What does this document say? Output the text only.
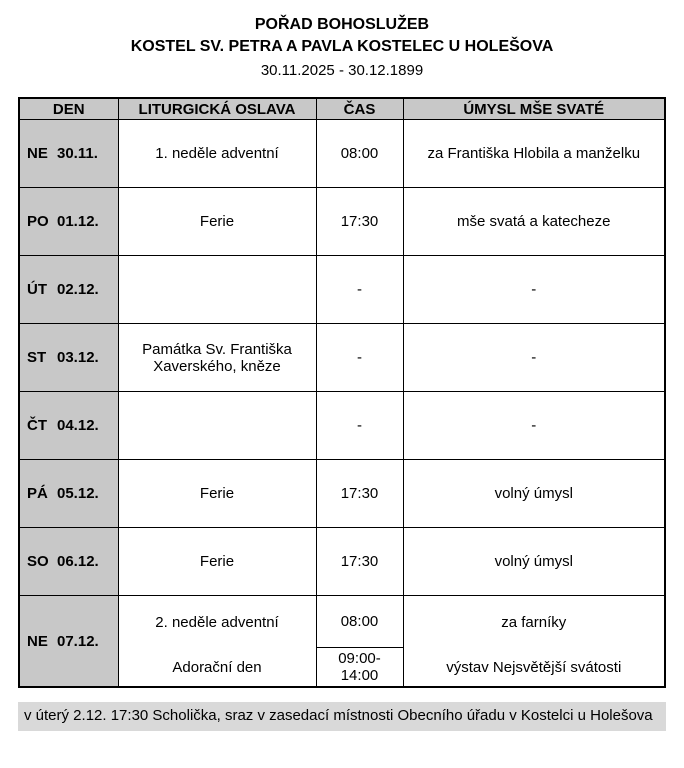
POŘAD BOHOSLUŽEB
KOSTEL SV. PETRA A PAVLA KOSTELEC U HOLEŠOVA
30.11.2025 - 30.12.1899
DEN	LITURGICKÁ OSLAVA	ČAS	ÚMYSL MŠE SVATÉ
NE 30.11.	1. neděle adventní	08:00	za Františka Hlobila a manželku
PO 01.12.	Ferie	17:30	mše svatá a katecheze
ÚT 02.12.		-	-
ST 03.12.	Památka Sv. Františka Xaverského, kněze	-	-
ČT 04.12.		-	-
PÁ 05.12.	Ferie	17:30	volný úmysl
SO 06.12.	Ferie	17:30	volný úmysl
NE 07.12.	2. neděle adventní	08:00	za farníky
	Adorační den	09:00-14:00	výstav Nejsvětější svátosti
v úterý 2.12. 17:30 Scholička, sraz v zasedací místnosti Obecního úřadu v Kostelci u Holešova
